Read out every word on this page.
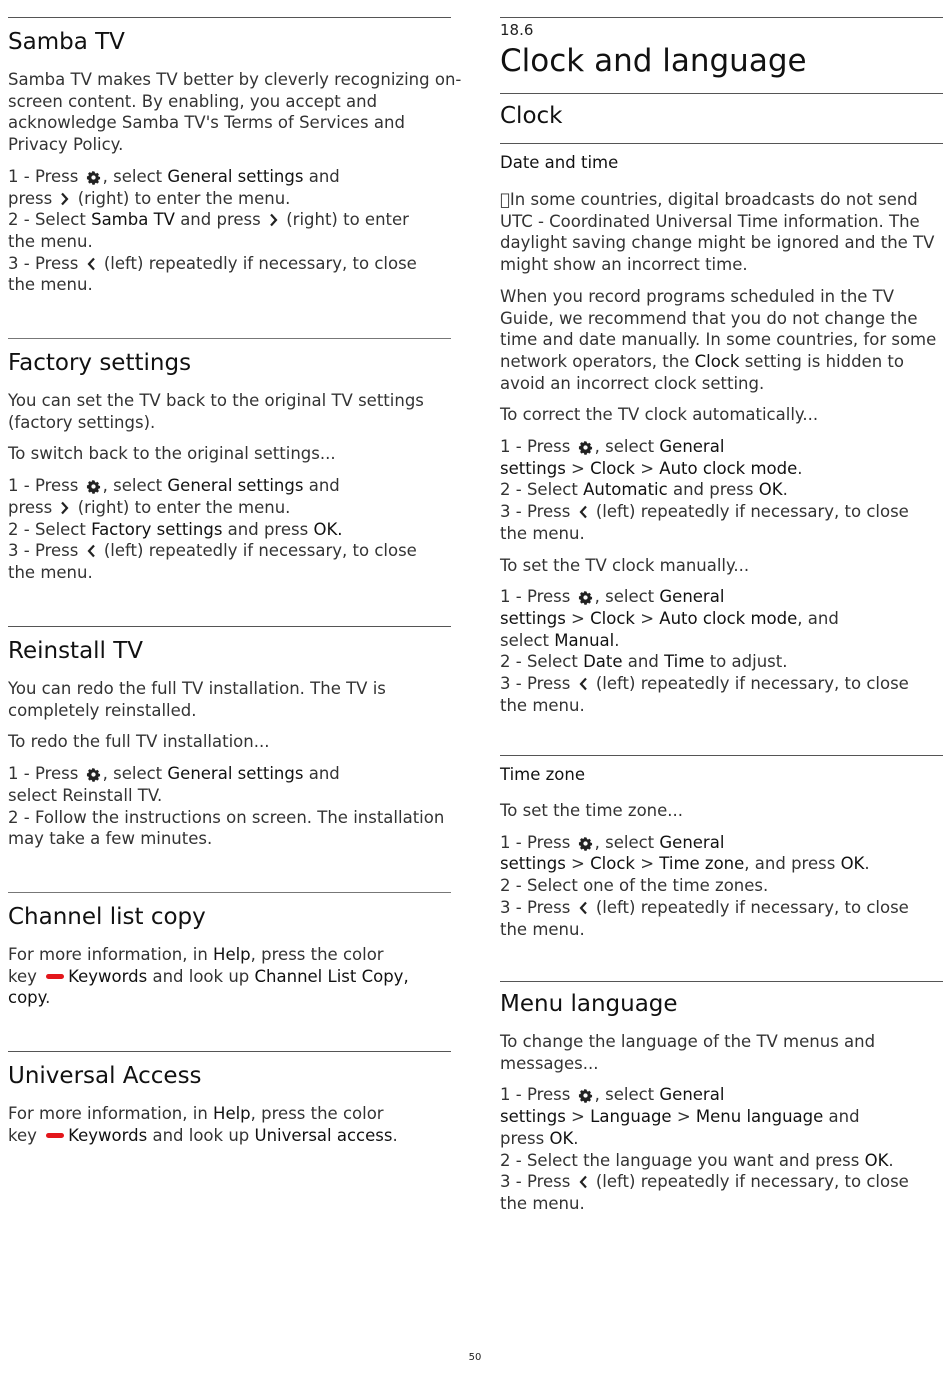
Samba TV

Samba TV makes TV better by cleverly recognizing on-

screen content. By enabling, you accept and

acknowledge Samba TV's Terms of Services and

Privacy Policy.

1 - Press , select General settings and

press  (right) to enter the menu.

2 - Select Samba TV and press  (right) to enter

the menu.

3 - Press  (left) repeatedly if necessary, to close

the menu.

Factory settings

You can set the TV back to the original TV settings

(factory settings).

To switch back to the original settings...

1 - Press , select General settings and

press  (right) to enter the menu.

2 - Select Factory settings and press OK.

3 - Press  (left) repeatedly if necessary, to close

the menu.

Reinstall TV

You can redo the full TV installation. The TV is

completely reinstalled.

To redo the full TV installation...

1 - Press , select General settings and

select Reinstall TV.

2 - Follow the instructions on screen. The installation

may take a few minutes.

Channel list copy

For more information, in Help, press the color

key Keywords and look up Channel List Copy,

copy.

Universal Access

For more information, in Help, press the color

key Keywords and look up Universal access.

18.6
Clock and language
Clock
Date and time

 In some countries, digital broadcasts do not send

UTC - Coordinated Universal Time information. The

daylight saving change might be ignored and the TV

might show an incorrect time.

When you record programs scheduled in the TV

Guide, we recommend that you do not change the

time and date manually. In some countries, for some

network operators, the Clock setting is hidden to

avoid an incorrect clock setting.

To correct the TV clock automatically...

1 - Press , select General

settings > Clock > Auto clock mode.

2 - Select Automatic and press OK.

3 - Press  (left) repeatedly if necessary, to close

the menu.

To set the TV clock manually...

1 - Press , select General

settings > Clock > Auto clock mode, and

select Manual.

2 - Select Date and Time to adjust.

3 - Press  (left) repeatedly if necessary, to close

the menu.

Time zone

To set the time zone...

1 - Press , select General

settings > Clock > Time zone, and press OK.

2 - Select one of the time zones.

3 - Press  (left) repeatedly if necessary, to close

the menu.

Menu language

To change the language of the TV menus and

messages...

1 - Press , select General

settings > Language > Menu language and

press OK.

2 - Select the language you want and press OK.

3 - Press  (left) repeatedly if necessary, to close

the menu.

50
